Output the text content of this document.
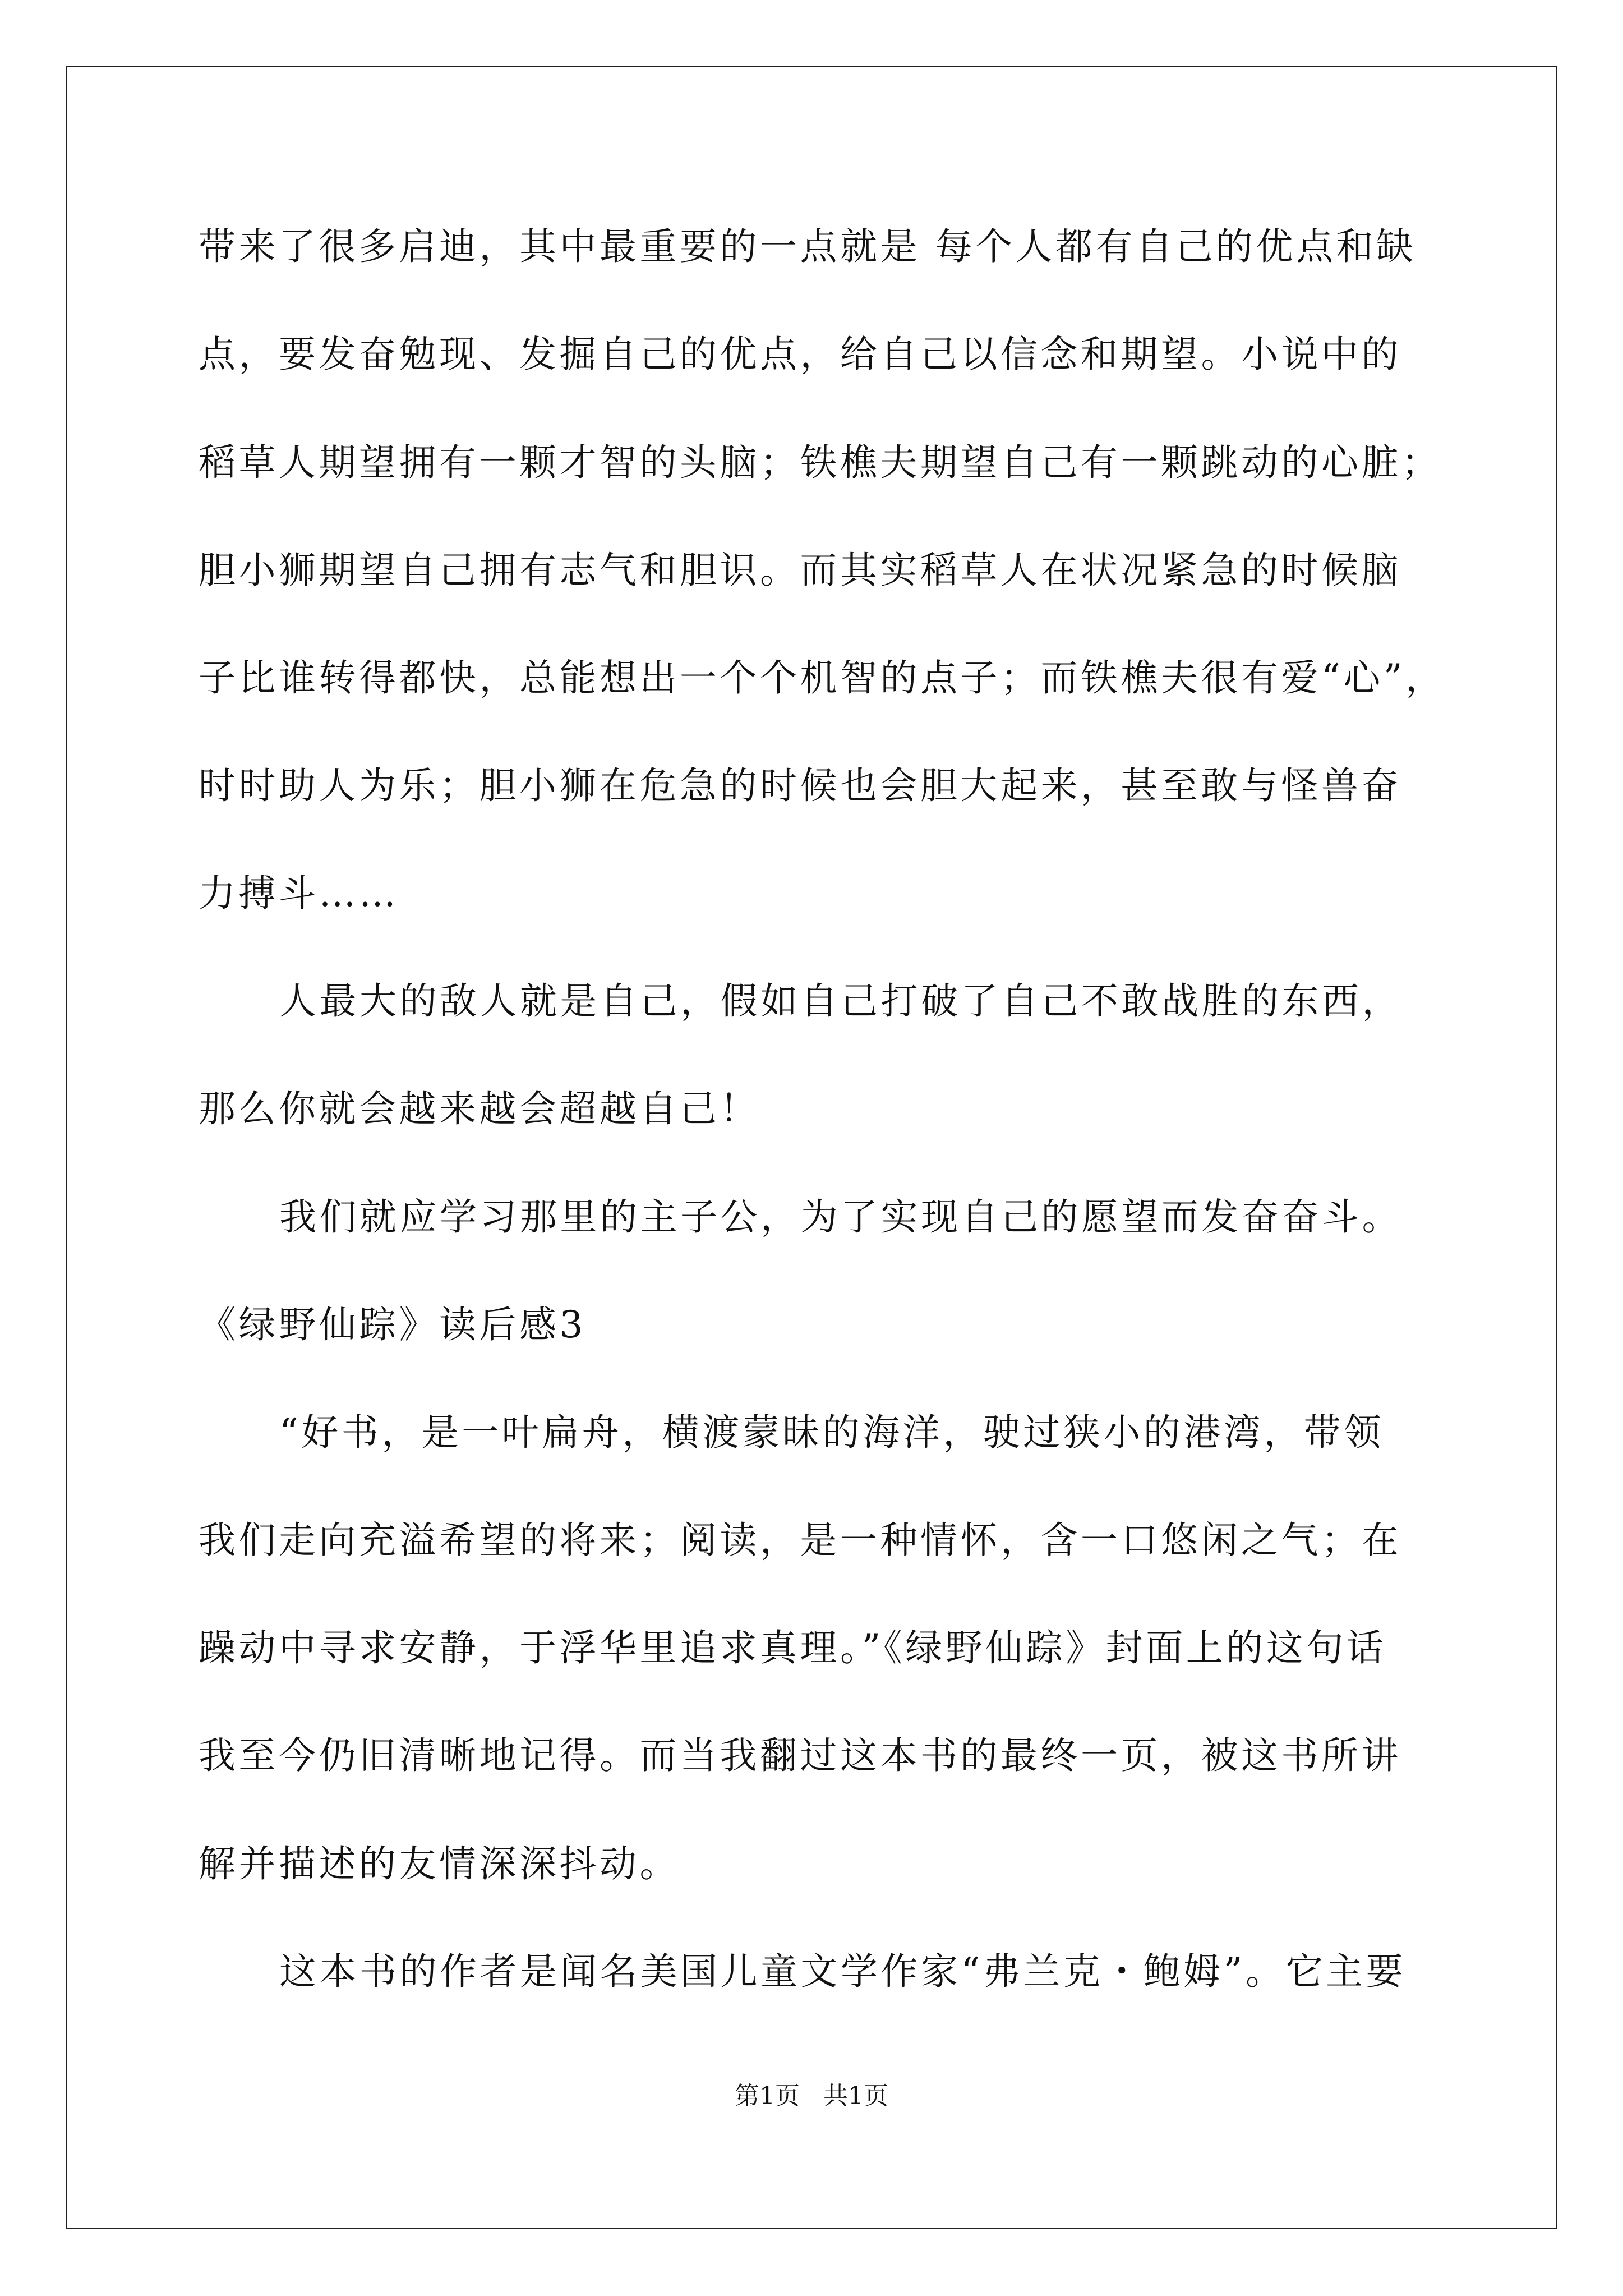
带来了很多启迪，其中最重要的一点就是 每个人都有自己的优点和缺
点，要发奋勉现、发掘自己的优点，给自己以信念和期望。小说中的
稻草人期望拥有一颗才智的头脑；铁樵夫期望自己有一颗跳动的心脏；
胆小狮期望自己拥有志气和胆识。而其实稻草人在状况紧急的时候脑
子比谁转得都快，总能想出一个个机智的点子；而铁樵夫很有爱“心”，
时时助人为乐；胆小狮在危急的时候也会胆大起来，甚至敢与怪兽奋
力搏斗……
人最大的敌人就是自己，假如自己打破了自己不敢战胜的东西，
那么你就会越来越会超越自己！
我们就应学习那里的主子公，为了实现自己的愿望而发奋奋斗。
《绿野仙踪》读后感3
“好书，是一叶扁舟，横渡蒙昧的海洋，驶过狭小的港湾，带领
我们走向充溢希望的将来；阅读，是一种情怀，含一口悠闲之气；在
躁动中寻求安静，于浮华里追求真理。”《绿野仙踪》封面上的这句话
我至今仍旧清晰地记得。而当我翻过这本书的最终一页，被这书所讲
解并描述的友情深深抖动。
这本书的作者是闻名美国儿童文学作家“弗兰克・鲍姆”。它主要
第1页   共1页
